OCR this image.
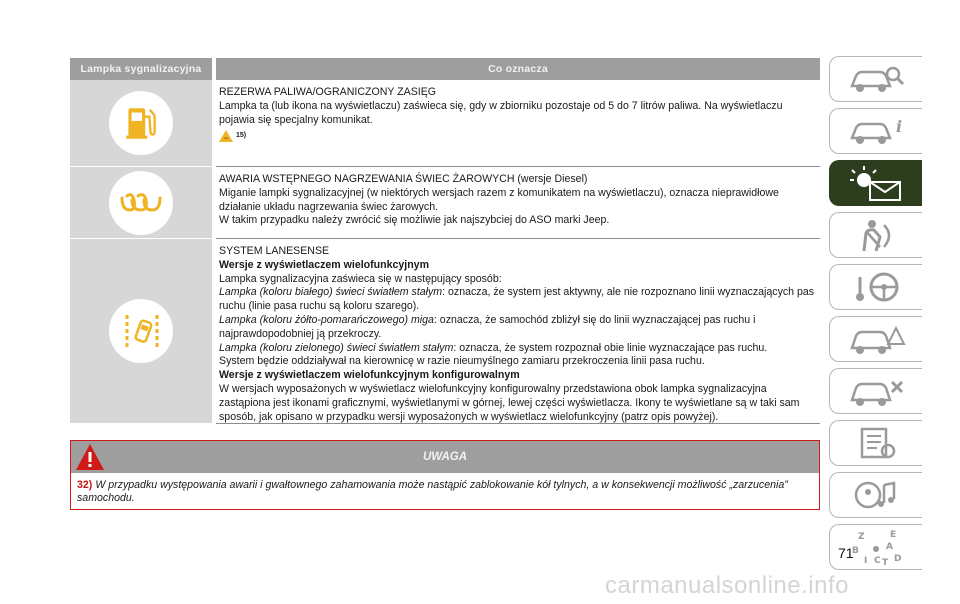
Lampka sygnalizacyjna	Co oznacza
REZERWA PALIWA/OGRANICZONY ZASIĘG
Lampka ta (lub ikona na wyświetlaczu) zaświeca się, gdy w zbiorniku pozostaje od 5 do 7 litrów paliwa. Na wyświetlaczu pojawia się specjalny komunikat.
~ 15)
AWARIA WSTĘPNEGO NAGRZEWANIA ŚWIEC ŻAROWYCH (wersje Diesel)
Miganie lampki sygnalizacyjnej (w niektórych wersjach razem z komunikatem na wyświetlaczu), oznacza nieprawidłowe działanie układu nagrzewania świec żarowych.
W takim przypadku należy zwrócić się możliwie jak najszybciej do ASO marki Jeep.
SYSTEM LANESENSE
Wersje z wyświetlaczem wielofunkcyjnym
Lampka sygnalizacyjna zaświeca się w następujący sposób:
Lampka (koloru białego) świeci światłem stałym: oznacza, że system jest aktywny, ale nie rozpoznano linii wyznaczających pas ruchu (linie pasa ruchu są koloru szarego).
Lampka (koloru żółto-pomarańczowego) miga: oznacza, że samochód zbliżył się do linii wyznaczającej pas ruchu i najprawdopodobniej ją przekroczy.
Lampka (koloru zielonego) świeci światłem stałym: oznacza, że system rozpoznał obie linie wyznaczające pas ruchu.
System będzie oddziaływał na kierownicę w razie nieumyślnego zamiaru przekroczenia linii pasa ruchu.
Wersje z wyświetlaczem wielofunkcyjnym konfigurowalnym
W wersjach wyposażonych w wyświetlacz wielofunkcyjny konfigurowalny przedstawiona obok lampka sygnalizacyjna zastąpiona jest ikonami graficznymi, wyświetlanymi w górnej, lewej części wyświetlacza. Ikony te wyświetlane są w taki sam sposób, jak opisano w przypadku wersji wyposażonych w wyświetlacz wielofunkcyjny (patrz opis powyżej).
UWAGA
32) W przypadku występowania awarii i gwałtownego zahamowania może nastąpić zablokowanie kół tylnych, a w konsekwencji możliwość „zarzucenia” samochodu.
i
Z	E
B	A
I C T D
71
carmanualsonline.info
